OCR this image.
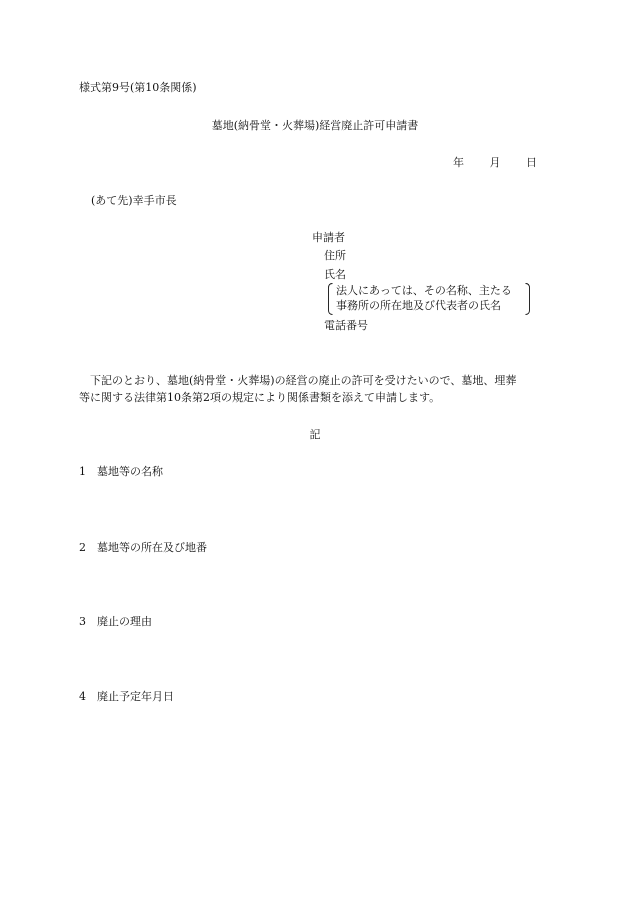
様式第9号(第10条関係)
墓地(納骨堂・火葬場)経営廃止許可申請書
年 月 日
(あて先)幸手市長
申請者
住所
氏名
法人にあっては、その名称、主たる
事務所の所在地及び代表者の氏名
電話番号

下記のとおり、墓地(納骨堂・火葬場)の経営の廃止の許可を受けたいので、墓地、埋葬

等に関する法律第10条第2項の規定により関係書類を添えて申請します。

記
1 墓地等の名称
2 墓地等の所在及び地番
3 廃止の理由
4 廃止予定年月日
